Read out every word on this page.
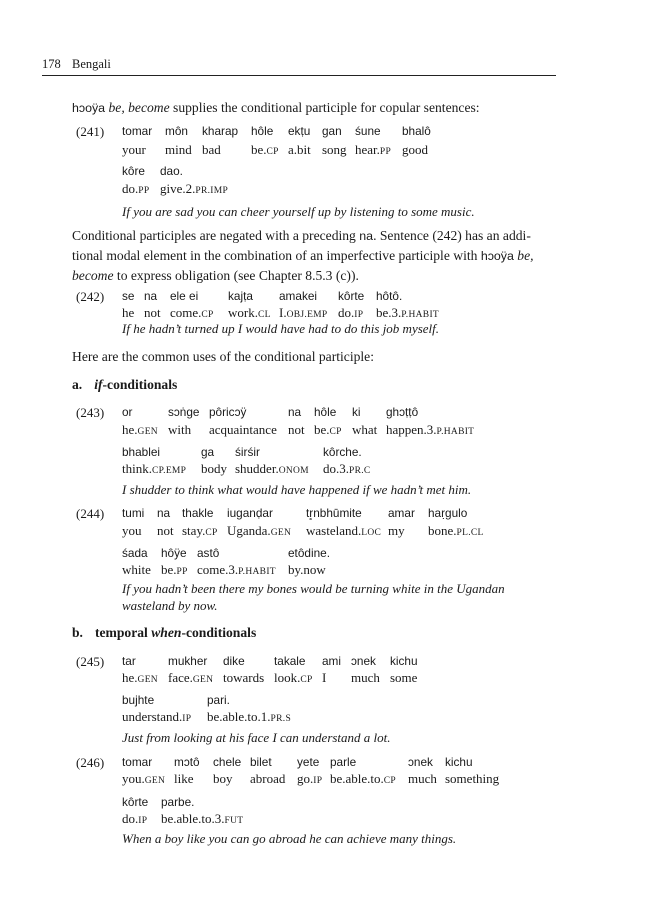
178 Bengali
hɔoÿa be, become supplies the conditional participle for copular sentences:
(241) tomar môn kharap hôle ekṭu gan śune bhalô
your mind bad be.CP a.bit song hear.PP good
kôre dao.
do.PP give.2.PR.IMP
If you are sad you can cheer yourself up by listening to some music.
Conditional participles are negated with a preceding na. Sentence (242) has an addi-
tional modal element in the combination of an imperfective participle with hɔoÿa be,
become to express obligation (see Chapter 8.5.3 (c)).
(242) se na ele ei	kajṭa amakei kôrte hôtô.
he not come.CP work.CL I.OBJ.EMP do.IP be.3.P.HABIT
If he hadn’t turned up I would have had to do this job myself.
Here are the common uses of the conditional participle:
a. if-conditionals
(243) or	sɔṅge pôricɔÿ	na hôle ki ghɔṭṭô
he.GEN with acquaintance not be.CP what happen.3.P.HABIT
bhablei	ga śirśir	kôrche.
think.CP.EMP body shudder.ONOM do.3.PR.C
I shudder to think what would have happened if we hadn’t met him.
(244) tumi na thakle iuganḍar	tr̥nbhūmite amar haṛgulo
you not stay.CP Uganda.GEN wasteland.LOC my bone.PL.CL
śada hôÿe astô	etôdine.
white be.PP come.3.P.HABIT by.now
If you hadn’t been there my bones would be turning white in the Ugandan
wasteland by now.
b. temporal when-conditionals
(245) tar	mukher dike takale ami ɔnek kichu
he.GEN face.GEN towards look.CP I much some
bujhte	pari.
understand.IP be.able.to.1.PR.S
Just from looking at his face I can understand a lot.
(246) tomar mɔtô chele bilet yete parle	ɔnek kichu
you.GEN like boy abroad go.IP be.able.to.CP much something
kôrte parbe.
do.IP be.able.to.3.FUT
When a boy like you can go abroad he can achieve many things.
